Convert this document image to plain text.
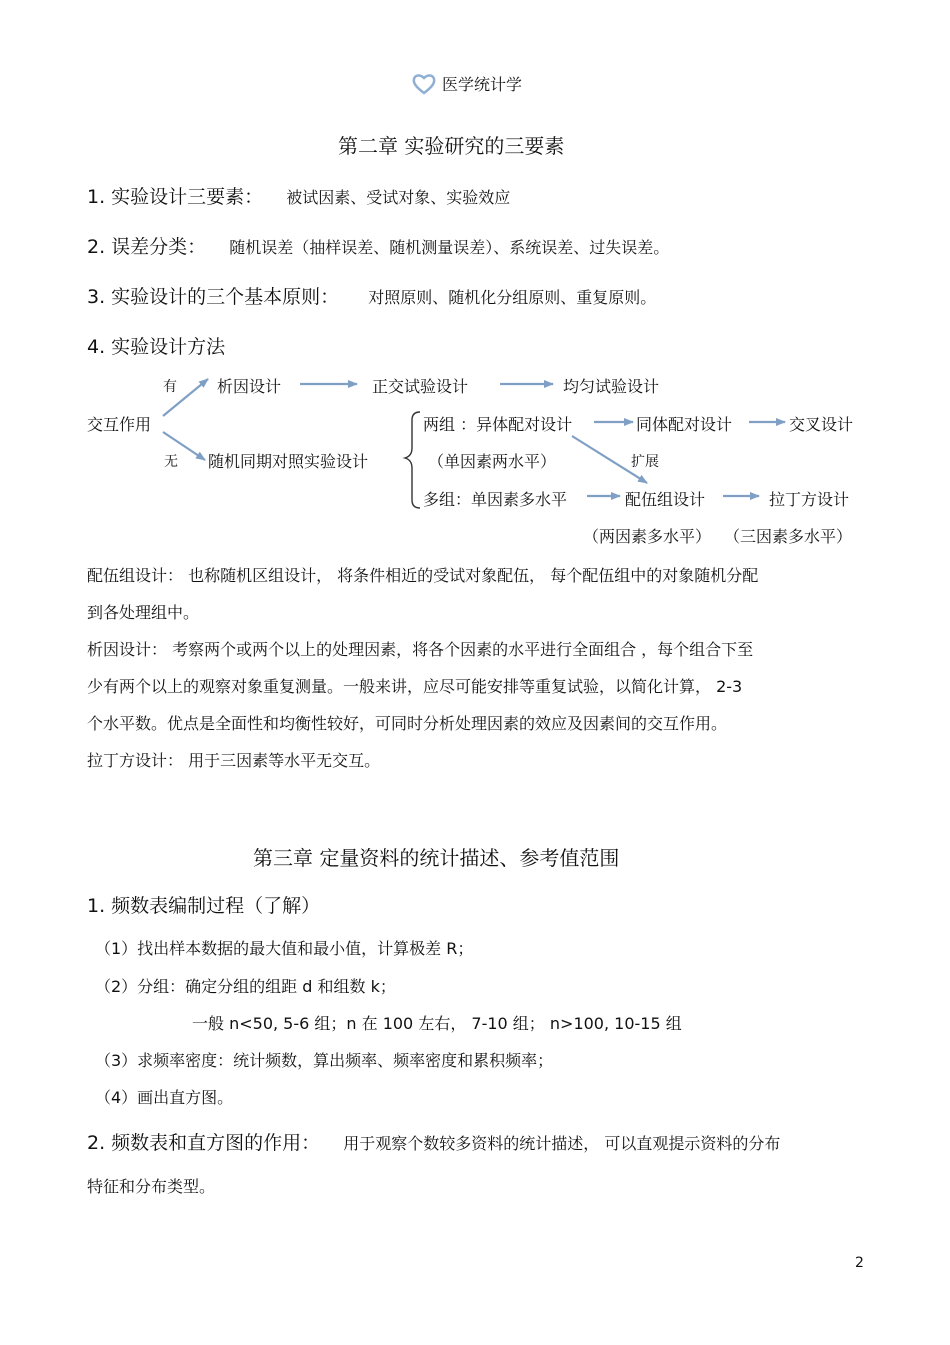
医学统计学
第二章 实验研究的三要素
1. 实验设计三要素： 被试因素、受试对象、实验效应
2. 误差分类： 随机误差（抽样误差、随机测量误差）、系统误差、过失误差。
3. 实验设计的三个基本原则： 对照原则、随机化分组原则、重复原则。
4. 实验设计方法
有
无
交互作用
析因设计	正交试验设计	均匀试验设计
随机同期对照实验设计
两组 ：异体配对设计	同体配对设计	交叉设计
（单因素两水平）	扩展
多组：单因素多水平	配伍组设计	拉丁方设计
（两因素多水平） （三因素多水平）
配伍组设计： 也称随机区组设计， 将条件相近的受试对象配伍， 每个配伍组中的对象随机分配
到各处理组中。
析因设计： 考察两个或两个以上的处理因素，将各个因素的水平进行全面组合 ，每个组合下至
少有两个以上的观察对象重复测量。一般来讲，应尽可能安排等重复试验，以简化计算， 2-3
个水平数。优点是全面性和均衡性较好，可同时分析处理因素的效应及因素间的交互作用。
拉丁方设计： 用于三因素等水平无交互。
第三章 定量资料的统计描述、参考值范围
1. 频数表编制过程（了解）
（1）找出样本数据的最大值和最小值，计算极差 R；
（2）分组：确定分组的组距 d 和组数 k；
一般 n<50, 5-6 组；n 在 100 左右， 7-10 组； n>100, 10-15 组
（3）求频率密度：统计频数，算出频率、频率密度和累积频率；
（4）画出直方图。
2. 频数表和直方图的作用： 用于观察个数较多资料的统计描述， 可以直观提示资料的分布
特征和分布类型。
2
